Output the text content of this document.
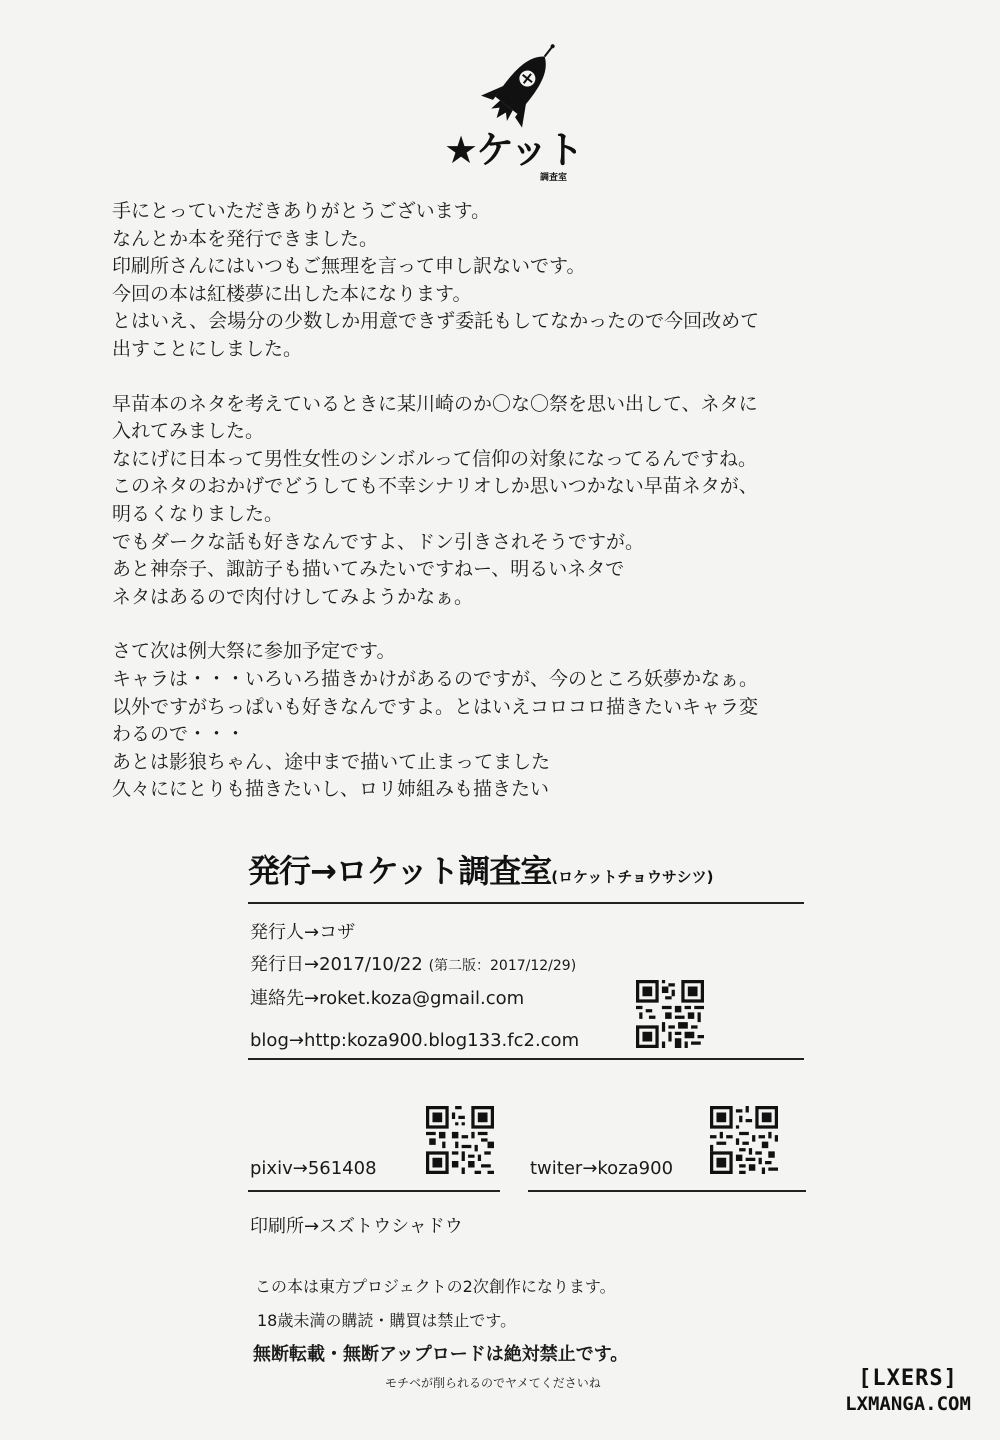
★ケット
調査室
手にとっていただきありがとうございます。
なんとか本を発行できました。
印刷所さんにはいつもご無理を言って申し訳ないです。
今回の本は紅楼夢に出した本になります。
とはいえ、会場分の少数しか用意できず委託もしてなかったので今回改めて
出すことにしました。
早苗本のネタを考えているときに某川崎のか〇な〇祭を思い出して、ネタに
入れてみました。
なにげに日本って男性女性のシンボルって信仰の対象になってるんですね。
このネタのおかげでどうしても不幸シナリオしか思いつかない早苗ネタが、
明るくなりました。
でもダークな話も好きなんですよ、ドン引きされそうですが。
あと神奈子、諏訪子も描いてみたいですねー、明るいネタで
ネタはあるので肉付けしてみようかなぁ。
さて次は例大祭に参加予定です。
キャラは・・・いろいろ描きかけがあるのですが、今のところ妖夢かなぁ。
以外ですがちっぱいも好きなんですよ。とはいえコロコロ描きたいキャラ変
わるので・・・
あとは影狼ちゃん、途中まで描いて止まってました
久々ににとりも描きたいし、ロリ姉組みも描きたい
発行→ロケット調査室(ロケットチョウサシツ)
発行人→コザ
発行日→2017/10/22 (第二版：2017/12/29)
連絡先→roket.koza@gmail.com
blog→http:koza900.blog133.fc2.com
pixiv→561408	twiter→koza900
印刷所→スズトウシャドウ
この本は東方プロジェクトの2次創作になります。
18歳未満の購読・購買は禁止です。
無断転載・無断アップロードは絶対禁止です。
モチベが削られるのでヤメてくださいね	[LXERS]
LXMANGA.COM
